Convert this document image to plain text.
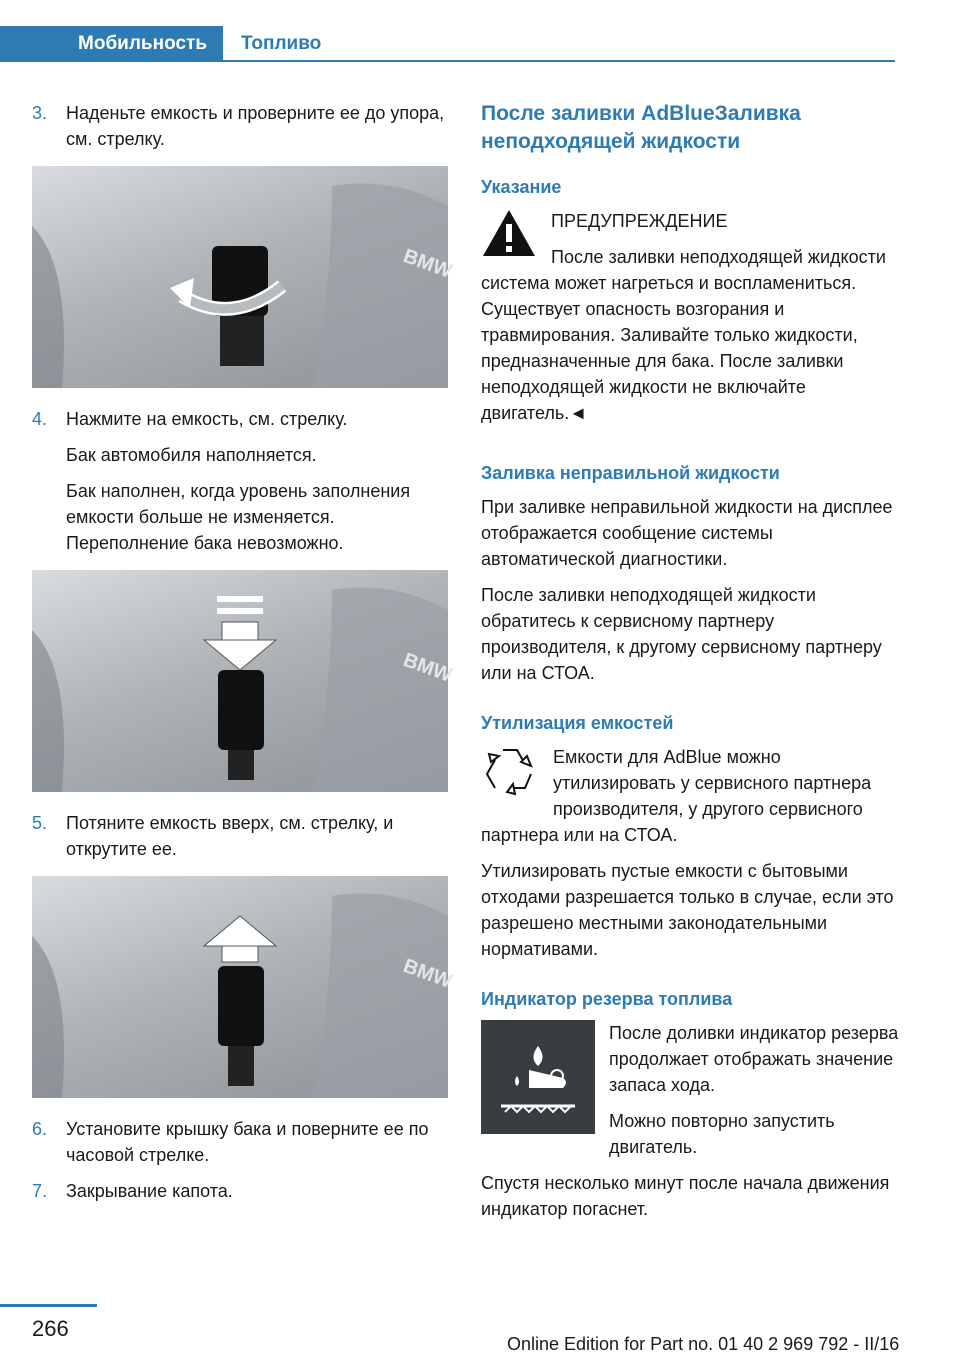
Мобильность	Топливо
3.	Наденьте емкость и проверните ее до упора, см. стрелку.

BMW
4.	Нажмите на емкость, см. стрелку.

Бак автомобиля наполняется.

Бак наполнен, когда уровень заполнения емкости больше не изменяется. Переполнение бака невозможно.

BMW
5.	Потяните емкость вверх, см. стрелку, и открутите ее.

BMW
6.	Установите крышку бака и поверните ее по часовой стрелке.

7.	Закрывание капота.

После заливки AdBlueЗаливка неподходящей жидкости
Указание

ПРЕДУПРЕЖДЕНИЕ

После заливки неподходящей жидкости система может нагреться и воспламениться. Существует опасность возгорания и травмирования. Заливайте только жидкости, предназначенные для бака. После заливки неподходящей жидкости не включайте двигатель.◄

Заливка неправильной жидкости

При заливке неправильной жидкости на дисплее отображается сообщение системы автоматической диагностики.

После заливки неподходящей жидкости обратитесь к сервисному партнеру производителя, к другому сервисному партнеру или на СТОА.

Утилизация емкостей

Емкости для AdBlue можно утилизировать у сервисного партнера производителя, у другого сервисного партнера или на СТОА.

Утилизировать пустые емкости с бытовыми отходами разрешается только в случае, если это разрешено местными законодательными нормативами.

Индикатор резерва топлива

После доливки индикатор резерва продолжает отображать значение запаса хода.

Можно повторно запустить двигатель.

Спустя несколько минут после начала движения индикатор погаснет.

266
Online Edition for Part no. 01 40 2 969 792 - II/16
